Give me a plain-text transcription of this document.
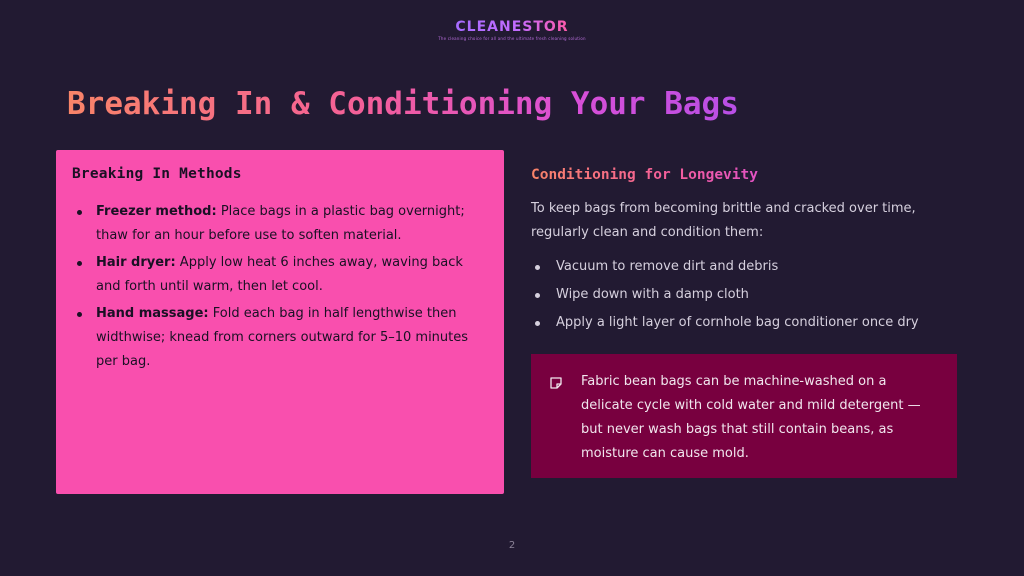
CLEANESTOR
The cleaning choice for all and the ultimate fresh cleaning solution
Breaking In & Conditioning Your Bags
Breaking In Methods
Freezer method: Place bags in a plastic bag overnight; thaw for an hour before use to soften material.
Hair dryer: Apply low heat 6 inches away, waving back and forth until warm, then let cool.
Hand massage: Fold each bag in half lengthwise then widthwise; knead from corners outward for 5–10 minutes per bag.
Conditioning for Longevity

To keep bags from becoming brittle and cracked over time, regularly clean and condition them:

Vacuum to remove dirt and debris
Wipe down with a damp cloth
Apply a light layer of cornhole bag conditioner once dry

Fabric bean bags can be machine-washed on a delicate cycle with cold water and mild detergent — but never wash bags that still contain beans, as moisture can cause mold.

2
